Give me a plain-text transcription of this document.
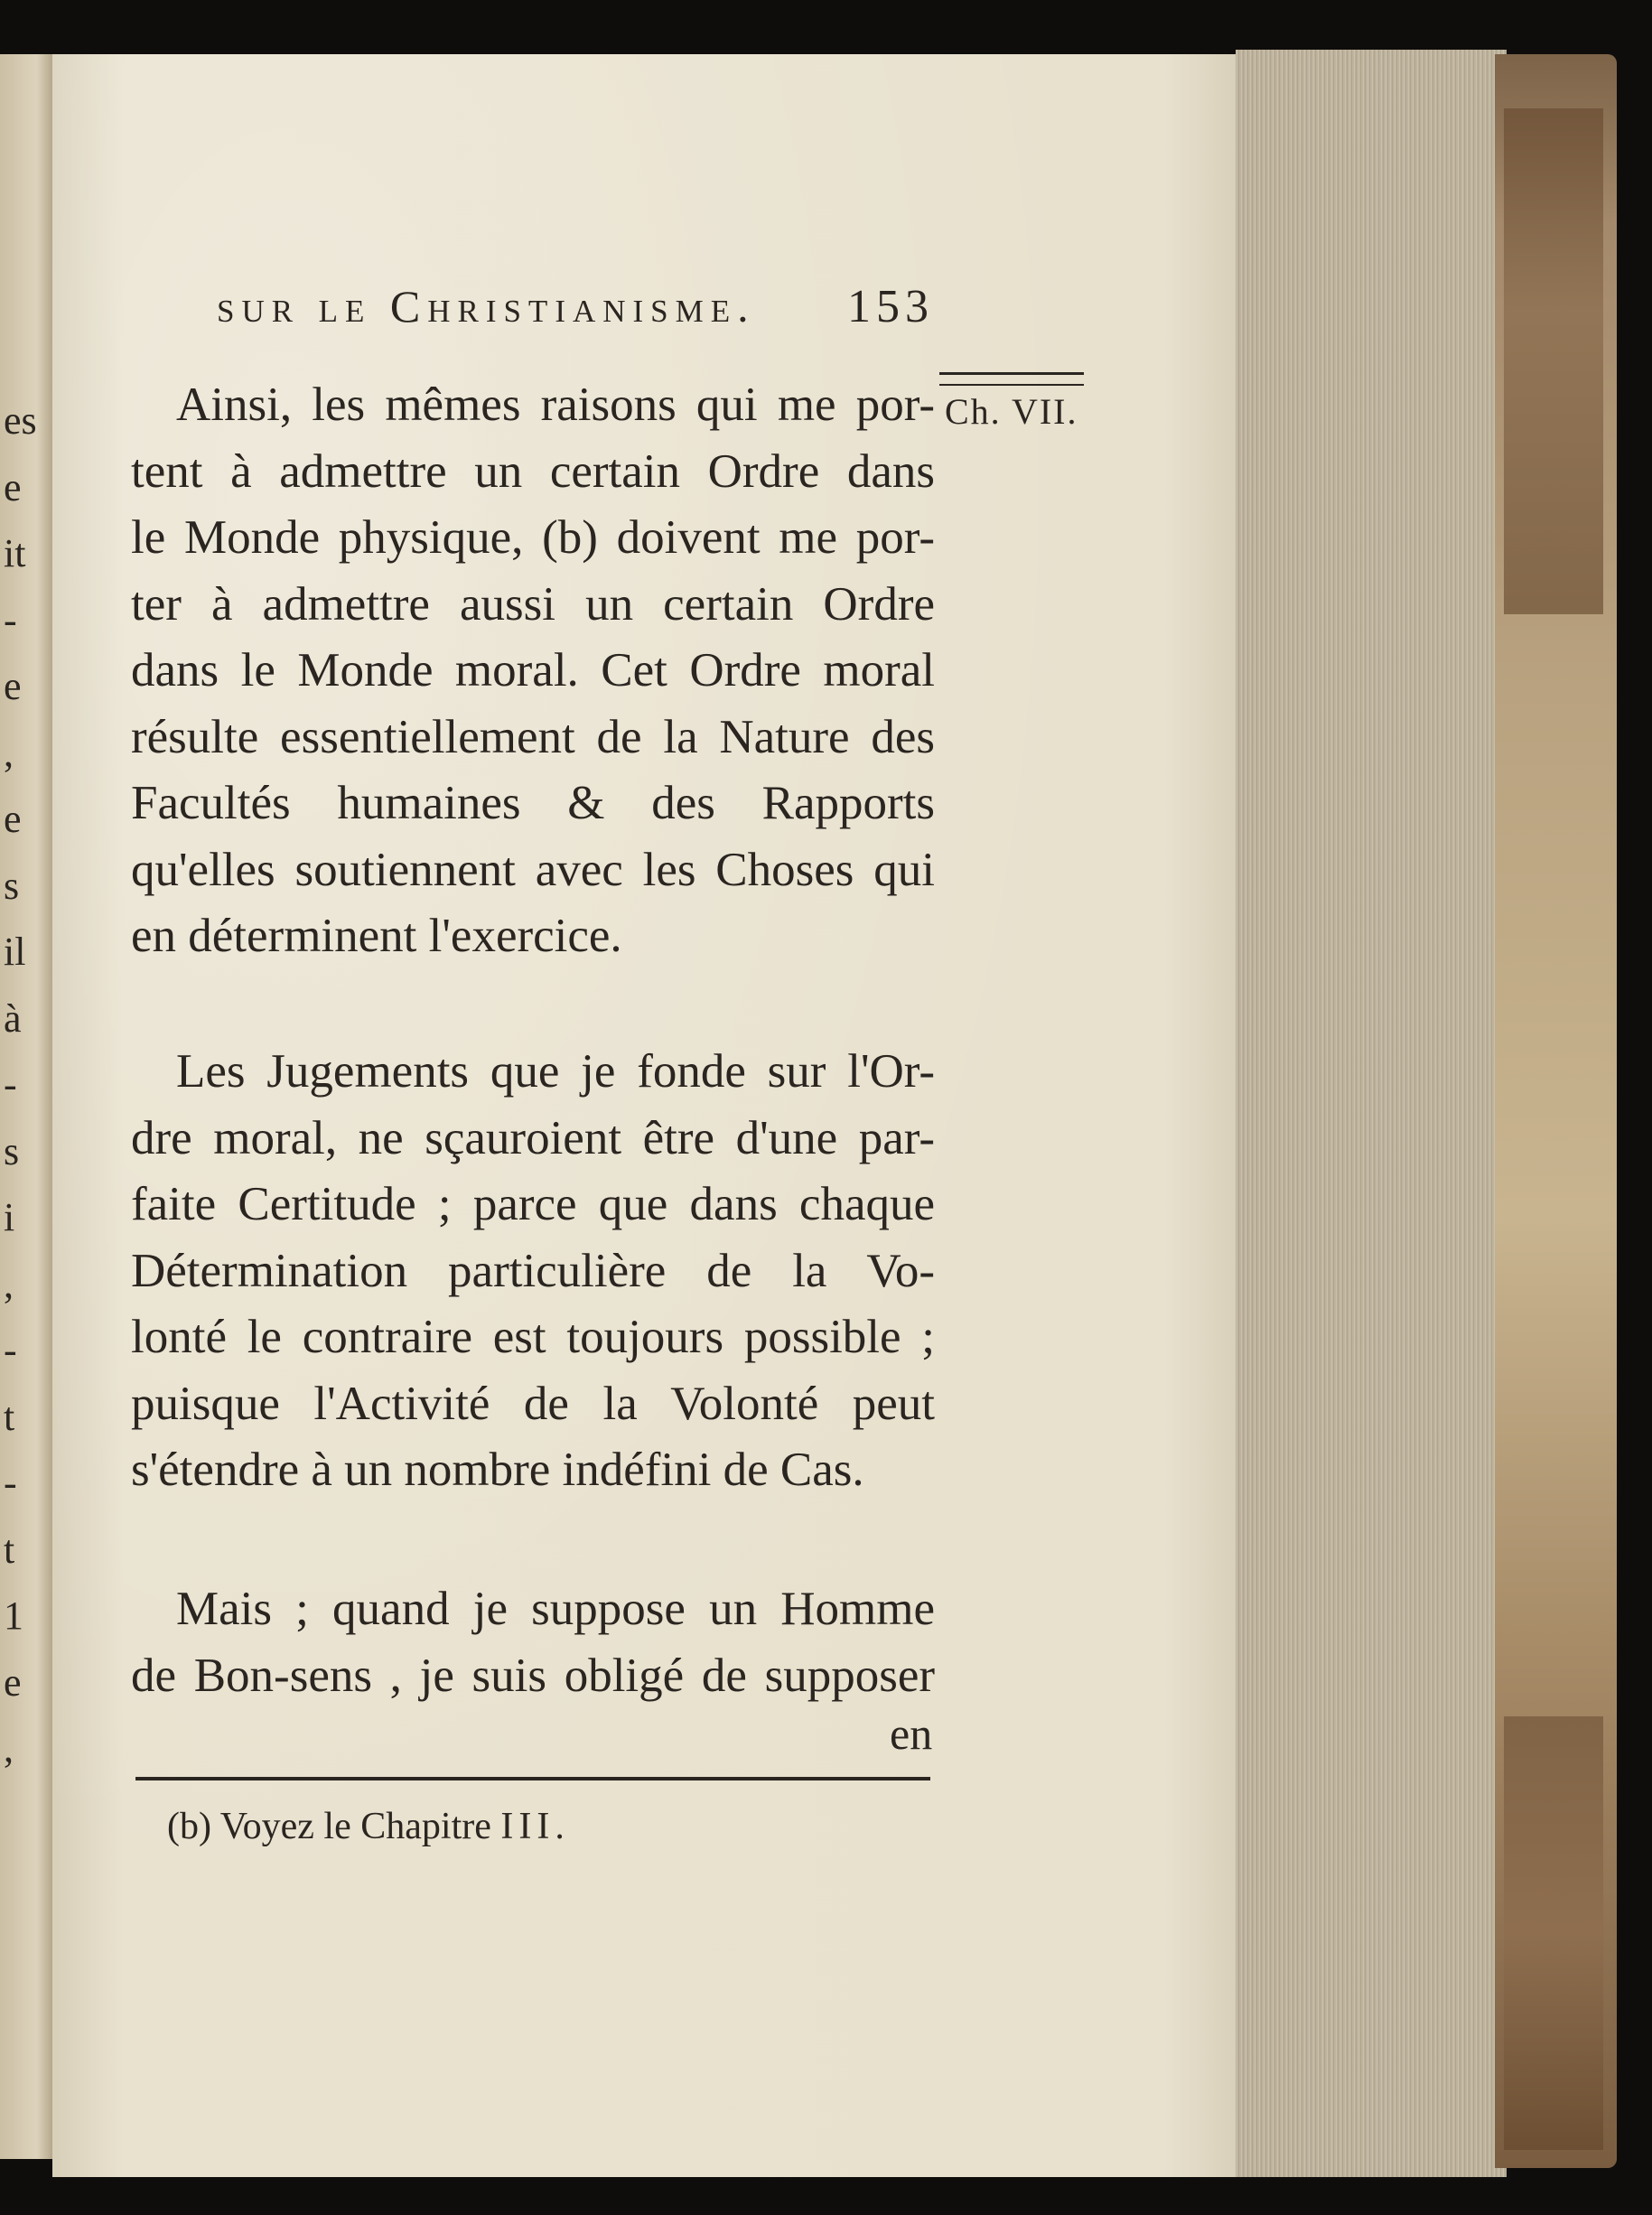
es
e
it
-
e
,
e
s
il
à
-
s
i
,
-
t
-
t
1
e
,
sur le Christianisme. 153
Ch. VII.
Ainsi, les mêmes raisons qui me por-
tent à admettre un certain Ordre dans
le Monde physique, (b) doivent me por-
ter à admettre aussi un certain Ordre
dans le Monde moral. Cet Ordre moral
résulte essentiellement de la Nature des
Facultés humaines & des Rapports
qu'elles soutiennent avec les Choses qui
en déterminent l'exercice.
Les Jugements que je fonde sur l'Or-
dre moral, ne sçauroient être d'une par-
faite Certitude ; parce que dans chaque
Détermination particulière de la Vo-
lonté le contraire est toujours possible ;
puisque l'Activité de la Volonté peut
s'étendre à un nombre indéfini de Cas.
Mais ; quand je suppose un Homme
de Bon-sens , je suis obligé de supposer
en
(b) Voyez le Chapitre III.
